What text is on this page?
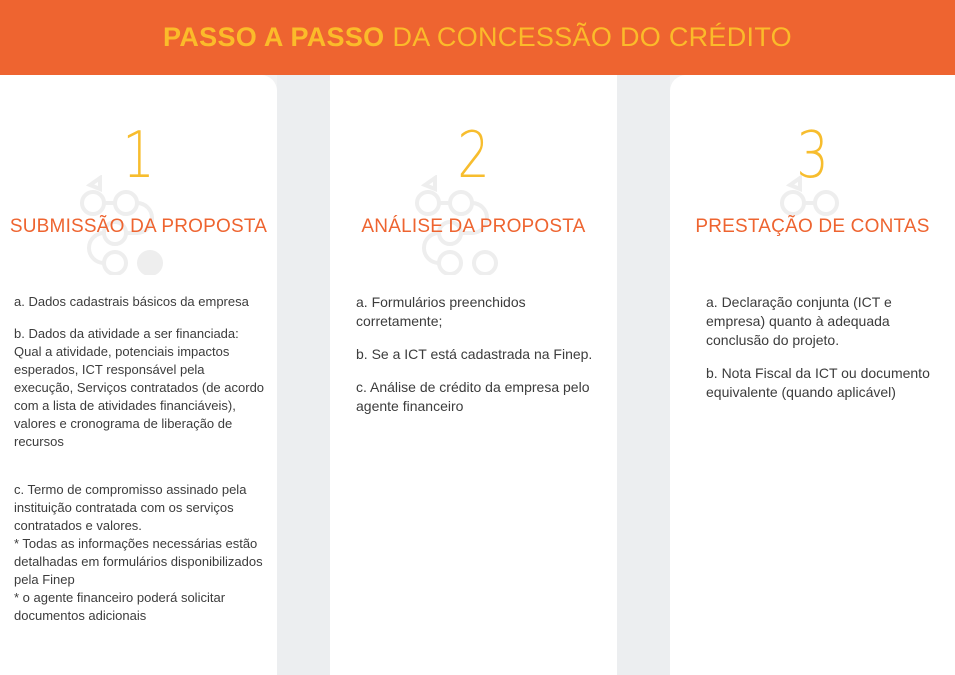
PASSO A PASSO DA CONCESSÃO DO CRÉDITO
1
SUBMISSÃO DA PROPOSTA

a. Dados cadastrais básicos da empresa

b. Dados da atividade a ser financiada: Qual a atividade, potenciais impactos esperados, ICT responsável pela execução, Serviços contratados (de acordo com a lista de atividades financiáveis), valores e cronograma de liberação de recursos

c. Termo de compromisso assinado pela instituição contratada com os serviços contratados e valores.
* Todas as informações necessárias estão detalhadas em formulários disponibilizados pela Finep
* o agente financeiro poderá solicitar documentos adicionais
2
ANÁLISE DA PROPOSTA

a. Formulários preenchidos corretamente;

b. Se a ICT está cadastrada na Finep.

c. Análise de crédito da empresa pelo agente financeiro

3
PRESTAÇÃO DE CONTAS

a. Declaração conjunta (ICT e empresa) quanto à adequada conclusão do projeto.

b. Nota Fiscal da ICT ou documento equivalente (quando aplicável)
